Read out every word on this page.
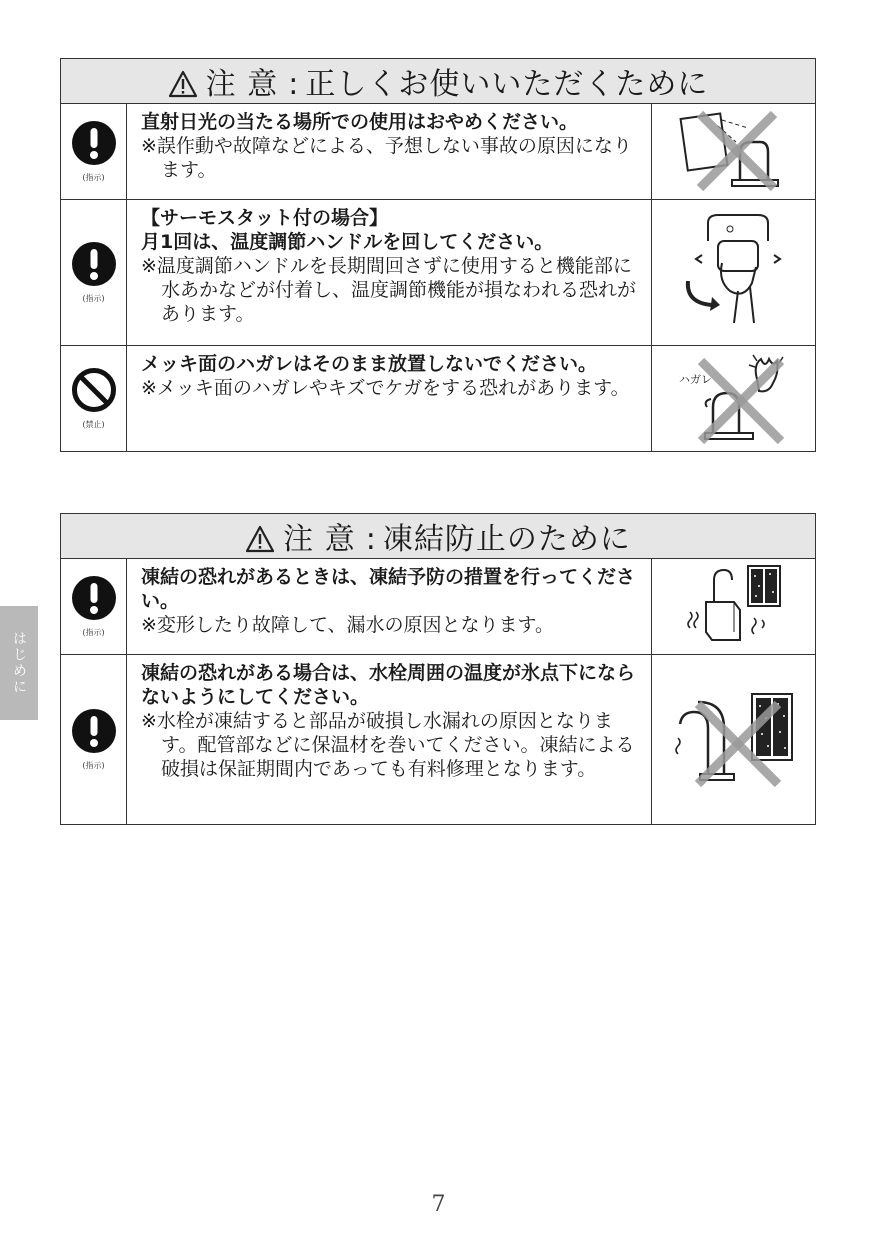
注 意 : 正しくお使いいただくために		

(指示)	直射日光の当たる場所での使用はおやめください。
※誤作動や故障などによる、予想しない事故の原因になります。

(指示)	【サーモスタット付の場合】
月1回は、温度調節ハンドルを回してください。
※温度調節ハンドルを長期間回さずに使用すると機能部に水あかなどが付着し、温度調節機能が損なわれる恐れがあります。

(禁止)	メッキ面のハガレはそのまま放置しないでください。
※メッキ面のハガレやキズでケガをする恐れがあります。	ハガレ
注 意 : 凍結防止のために		

(指示)	凍結の恐れがあるときは、凍結予防の措置を行ってください。
※変形したり故障して、漏水の原因となります。

(指示)	凍結の恐れがある場合は、水栓周囲の温度が氷点下にならないようにしてください。
※水栓が凍結すると部品が破損し水漏れの原因となります。配管部などに保温材を巻いてください。凍結による破損は保証期間内であっても有料修理となります。

はじめに
7
